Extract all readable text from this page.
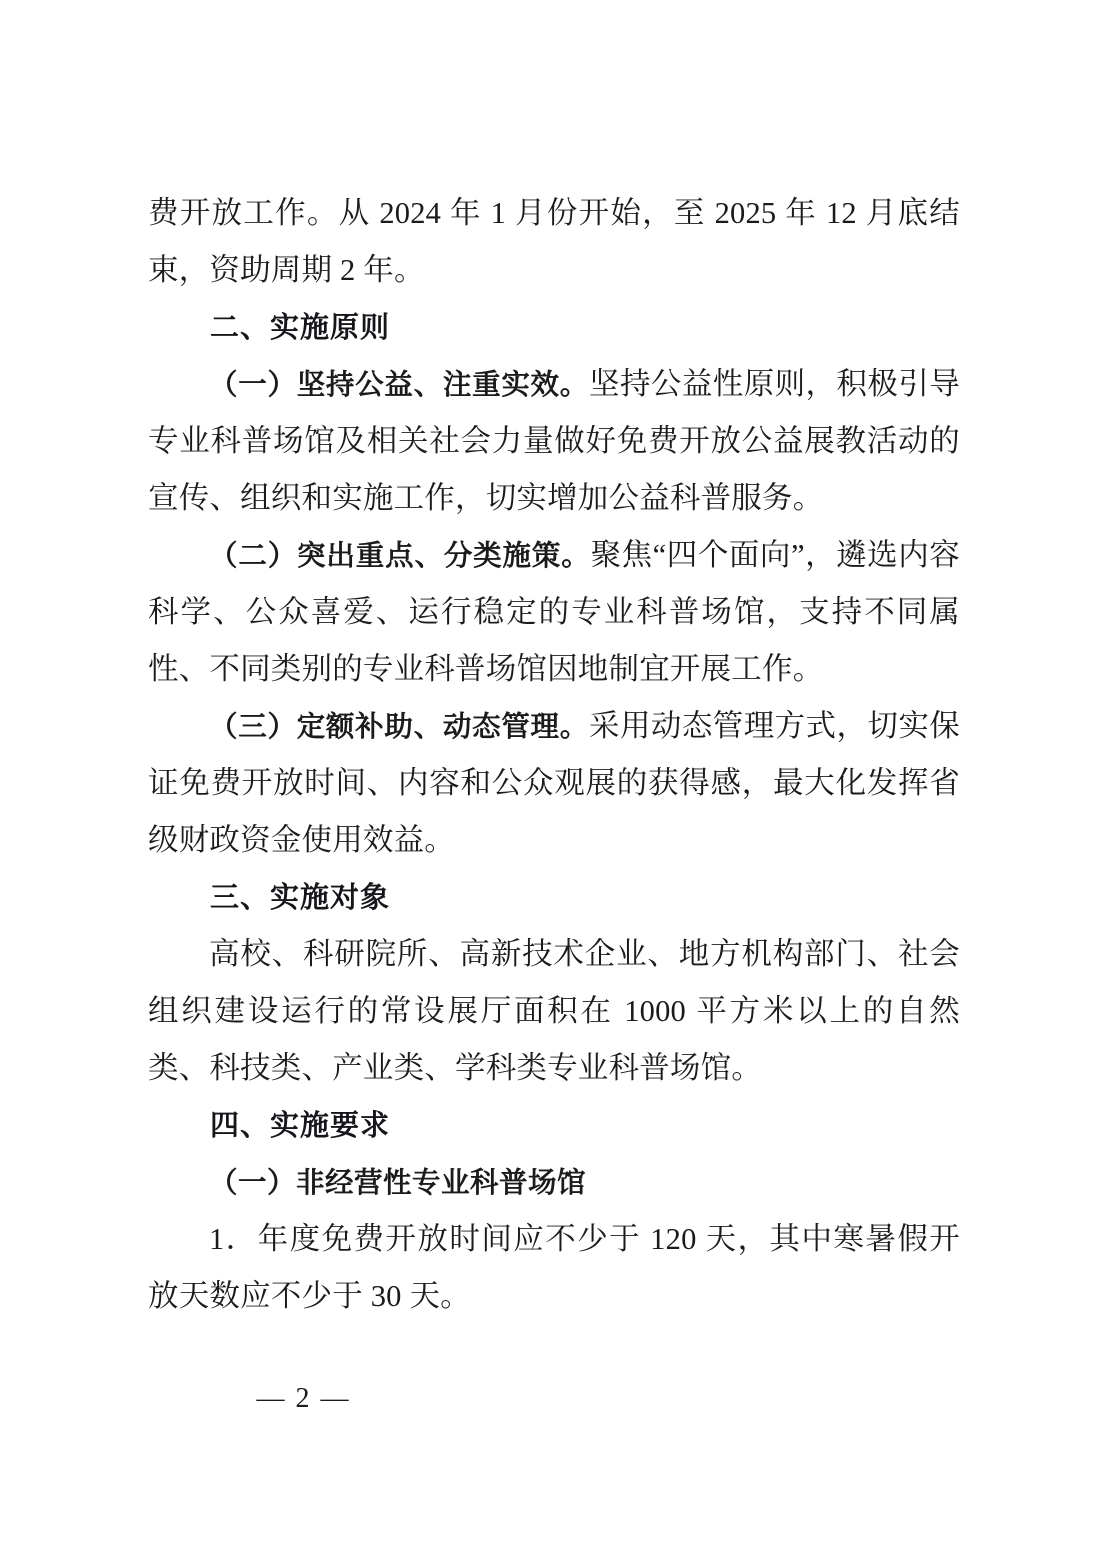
费开放工作。从 2024 年 1 月份开始，至 2025 年 12 月底结束，资助周期 2 年。

二、实施原则

（一）坚持公益、注重实效。坚持公益性原则，积极引导专业科普场馆及相关社会力量做好免费开放公益展教活动的宣传、组织和实施工作，切实增加公益科普服务。

（二）突出重点、分类施策。聚焦“四个面向”，遴选内容科学、公众喜爱、运行稳定的专业科普场馆，支持不同属性、不同类别的专业科普场馆因地制宜开展工作。

（三）定额补助、动态管理。采用动态管理方式，切实保证免费开放时间、内容和公众观展的获得感，最大化发挥省级财政资金使用效益。

三、实施对象

高校、科研院所、高新技术企业、地方机构部门、社会组织建设运行的常设展厅面积在 1000 平方米以上的自然类、科技类、产业类、学科类专业科普场馆。

四、实施要求

（一）非经营性专业科普场馆

1．年度免费开放时间应不少于 120 天，其中寒暑假开放天数应不少于 30 天。

— 2 —
